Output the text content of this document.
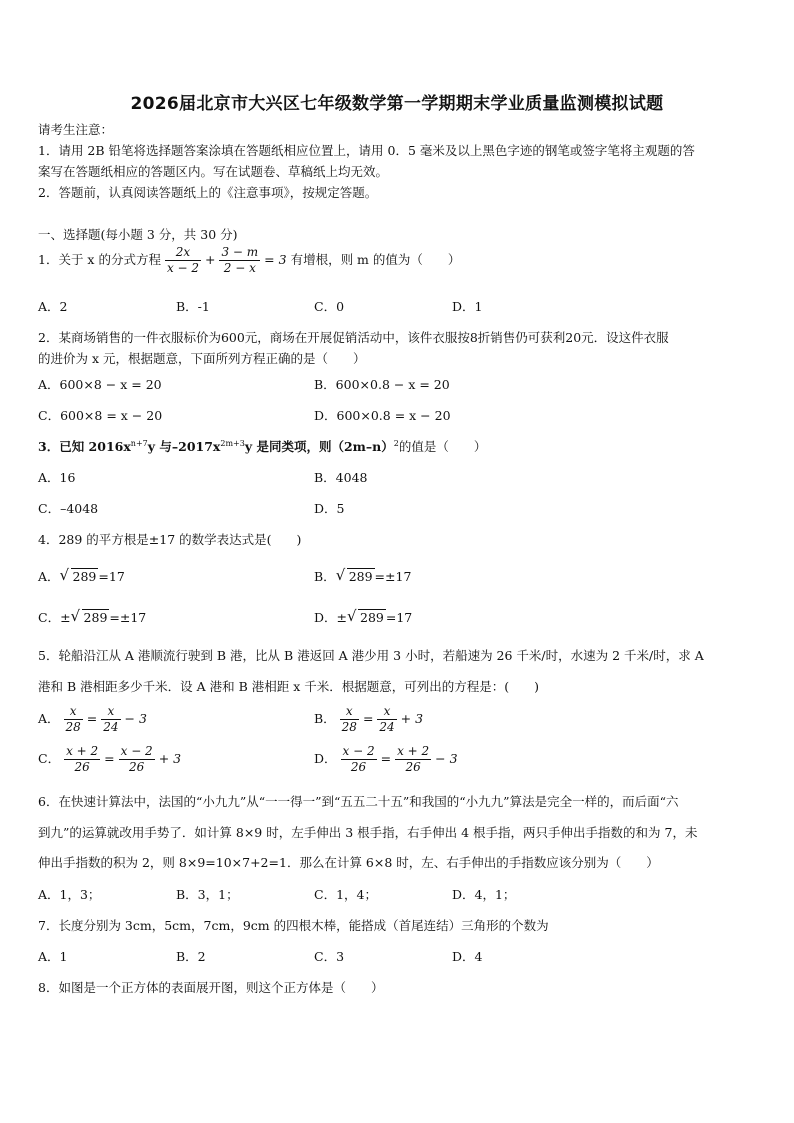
2026届北京市大兴区七年级数学第一学期期末学业质量监测模拟试题
请考生注意：
1．请用 2B 铅笔将选择题答案涂填在答题纸相应位置上，请用 0．5 毫米及以上黑色字迹的钢笔或签字笔将主观题的答
案写在答题纸相应的答题区内。写在试题卷、草稿纸上均无效。
2．答题前，认真阅读答题纸上的《注意事项》，按规定答题。
一、选择题(每小题 3 分，共 30 分)
1．关于 x 的分式方程 $\frac{2x}{x - 2} + \frac{3 - m}{2 - x} = 3$ 有增根，则 m 的值为（　　）
A．2	B．-1	C．0	D．1
2．某商场销售的一件衣服标价为600元，商场在开展促销活动中，该件衣服按8折销售仍可获利20元．设这件衣服
的进价为 x 元，根据题意，下面所列方程正确的是（　　）
A．600×8 − x = 20	B．600×0.8 − x = 20
C．600×8 = x − 20	D．600×0.8 = x − 20
3．已知 $2016x^{n+7}y$ 与$-2017x^{2m+3}y$ 是同类项，则$(2m-n)^2$的值是（　　）
A．16	B．4048
C．–4048	D．5
4．289 的平方根是±17 的数学表达式是(　　)
A． √ 289 =17	B． √ 289 =±17
C．± √ 289 =±17	D．± √ 289 =17
5．轮船沿江从 A 港顺流行驶到 B 港，比从 B 港返回 A 港少用 3 小时，若船速为 26 千米/时，水速为 2 千米/时，求 A
港和 B 港相距多少千米．设 A 港和 B 港相距 x 千米．根据题意，可列出的方程是：(　　)
A． $\frac{x}{28} = \frac{x}{24} - 3$	B． $\frac{x}{28} = \frac{x}{24} + 3$
C． $\frac{x + 2}{26} = \frac{x - 2}{26} + 3$	D． $\frac{x - 2}{26} = \frac{x + 2}{26} - 3$
6．在快速计算法中，法国的“小九九”从“一一得一”到“五五二十五”和我国的“小九九”算法是完全一样的，而后面“六
到九”的运算就改用手势了．如计算 8×9 时，左手伸出 3 根手指，右手伸出 4 根手指，两只手伸出手指数的和为 7，未
伸出手指数的积为 2，则 8×9=10×7+2=1．那么在计算 6×8 时，左、右手伸出的手指数应该分别为（　　）
A．1，3；	B．3，1；	C．1，4；	D．4，1；
7．长度分别为 3cm，5cm，7cm，9cm 的四根木棒，能搭成（首尾连结）三角形的个数为
A．1	B．2	C．3	D．4
8．如图是一个正方体的表面展开图，则这个正方体是（　　）
